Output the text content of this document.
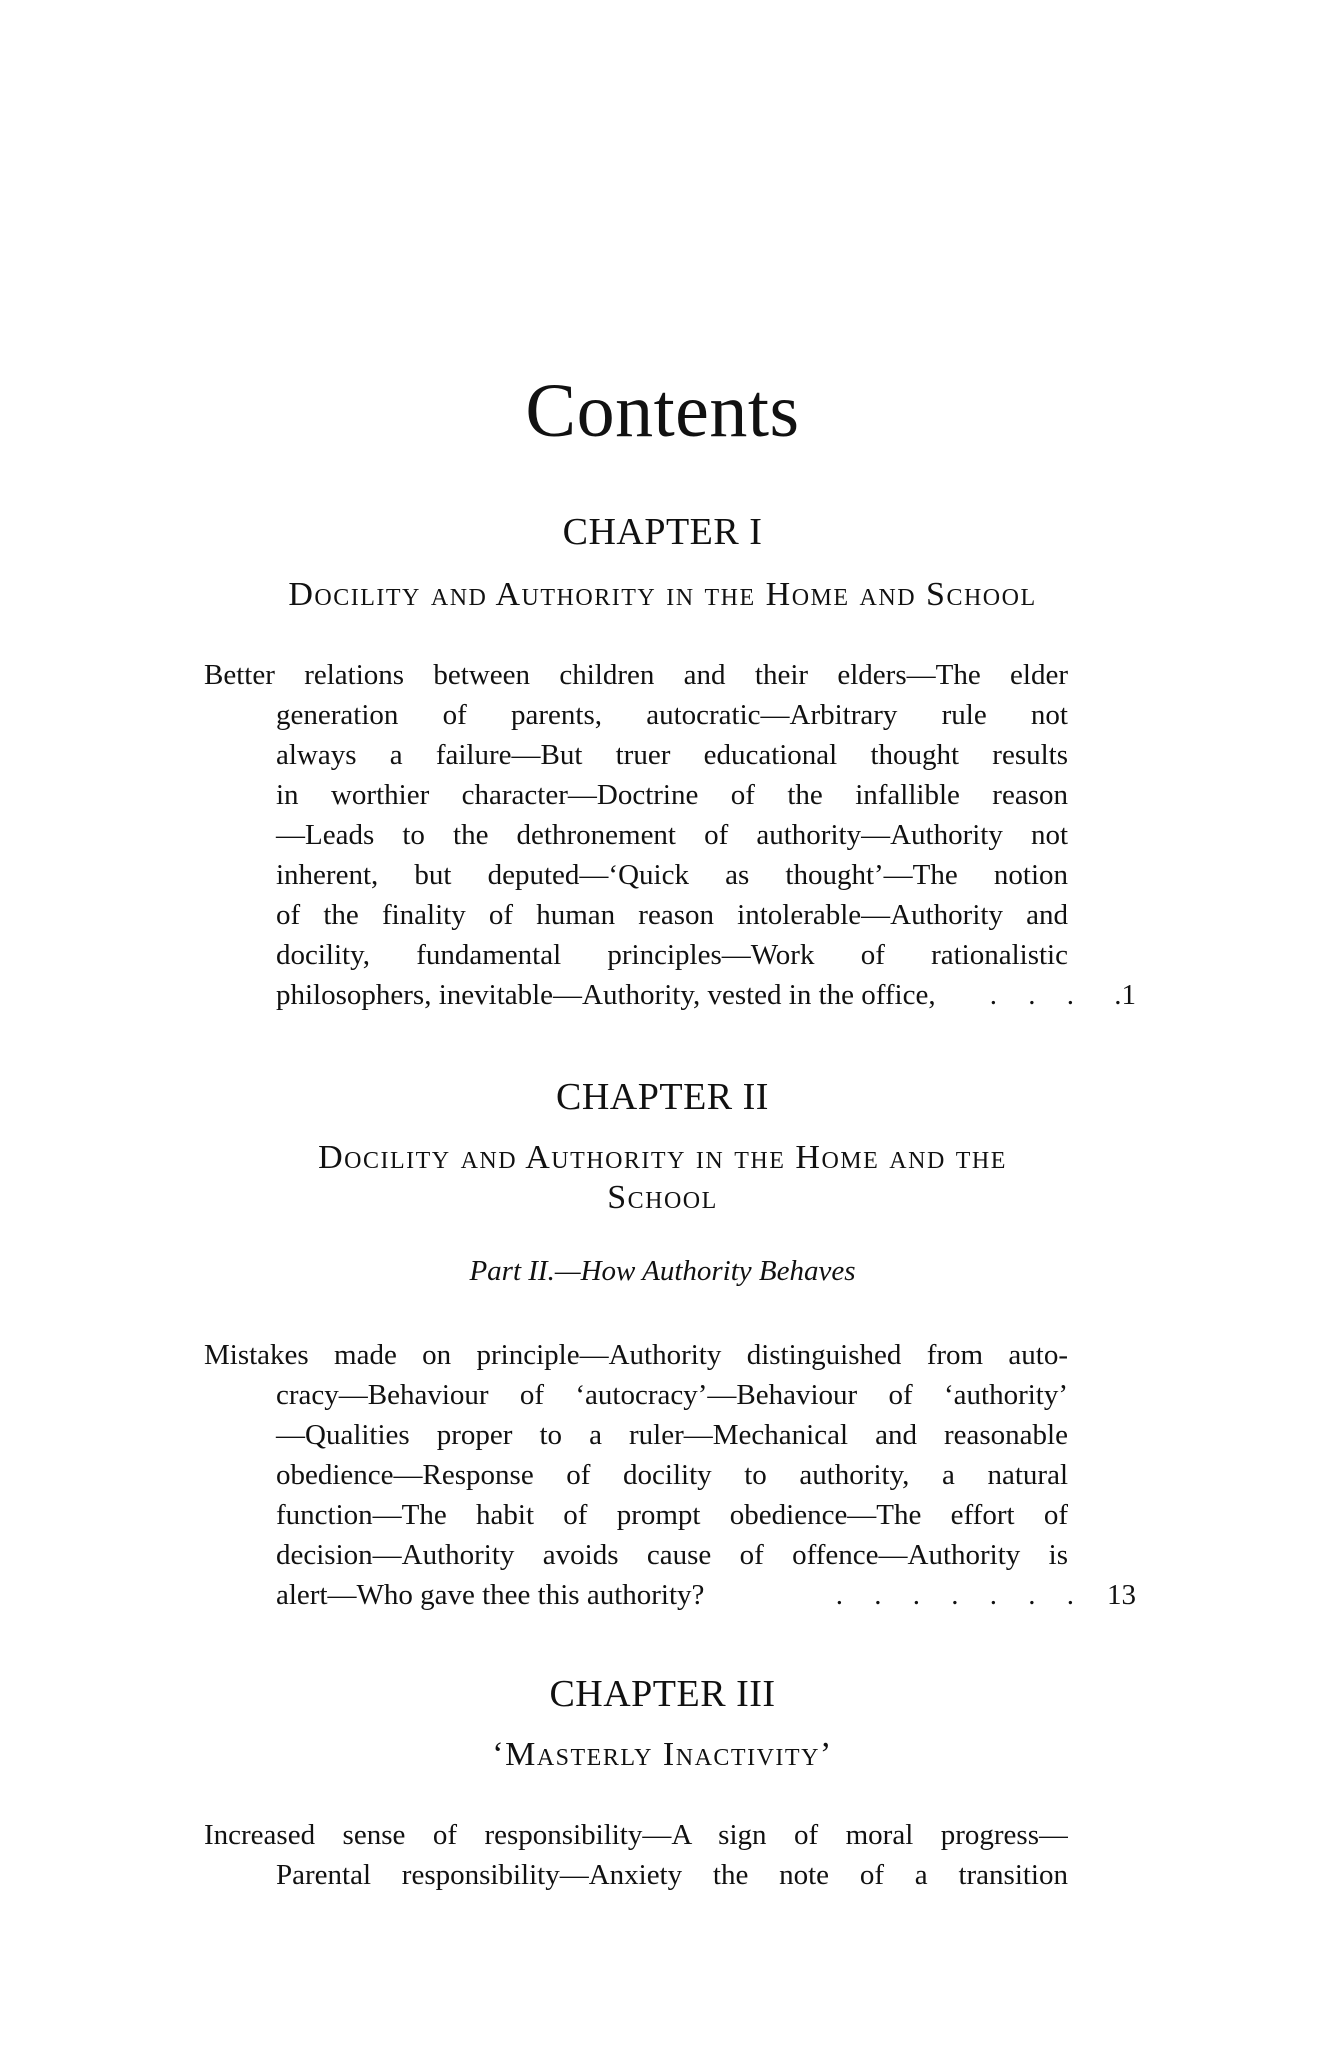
Contents
CHAPTER I
Docility and Authority in the Home and School
Better relations between children and their elders—The elder
generation of parents, autocratic—Arbitrary rule not
always a failure—But truer educational thought results
in worthier character—Doctrine of the infallible reason
—Leads to the dethronement of authority—Authority not
inherent, but deputed—‘Quick as thought’—The notion
of the finality of human reason intolerable—Authority and
docility, fundamental principles—Work of rationalistic
philosophers, inevitable—Authority, vested in the office,	. . . .1
CHAPTER II
Docility and Authority in the Home and the
School
Part II.—How Authority Behaves
Mistakes made on principle—Authority distinguished from auto-
cracy—Behaviour of ‘autocracy’—Behaviour of ‘authority’
—Qualities proper to a ruler—Mechanical and reasonable
obedience—Response of docility to authority, a natural
function—The habit of prompt obedience—The effort of
decision—Authority avoids cause of offence—Authority is
alert—Who gave thee this authority?	. . . . . . . 13
CHAPTER III
‘Masterly Inactivity’
Increased sense of responsibility—A sign of moral progress—
Parental responsibility—Anxiety the note of a transition
